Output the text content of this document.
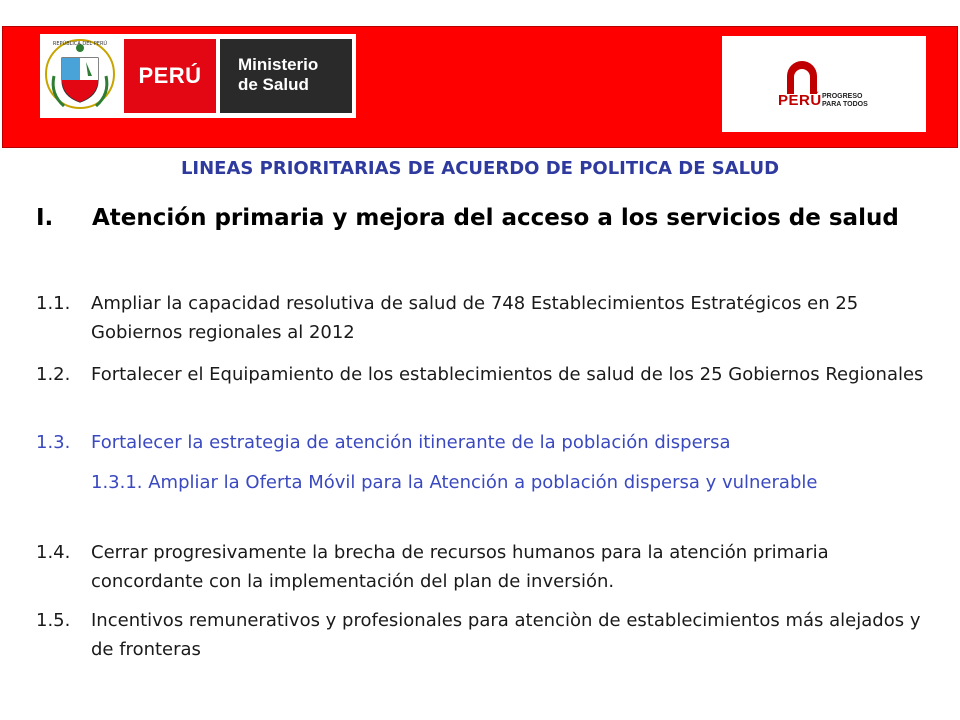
REPÚBLICA DEL PERÚ
PERÚ Ministerio
de Salud
PERÚ PROGRESO
PARA TODOS
LINEAS PRIORITARIAS DE ACUERDO DE POLITICA DE SALUD
I. Atención primaria y mejora del acceso a los servicios de salud
1.1. Ampliar la capacidad resolutiva de salud de 748 Establecimientos Estratégicos en 25 Gobiernos regionales al 2012
1.2. Fortalecer el Equipamiento de los establecimientos de salud de los 25 Gobiernos Regionales
1.3. Fortalecer la estrategia de atención itinerante de la población dispersa
1.3.1. Ampliar la Oferta Móvil para la Atención a población dispersa y vulnerable
1.4. Cerrar progresivamente la brecha de recursos humanos para la atención primaria concordante con la implementación del plan de inversión.
1.5. Incentivos remunerativos y profesionales para atenciòn de establecimientos más alejados y de fronteras
